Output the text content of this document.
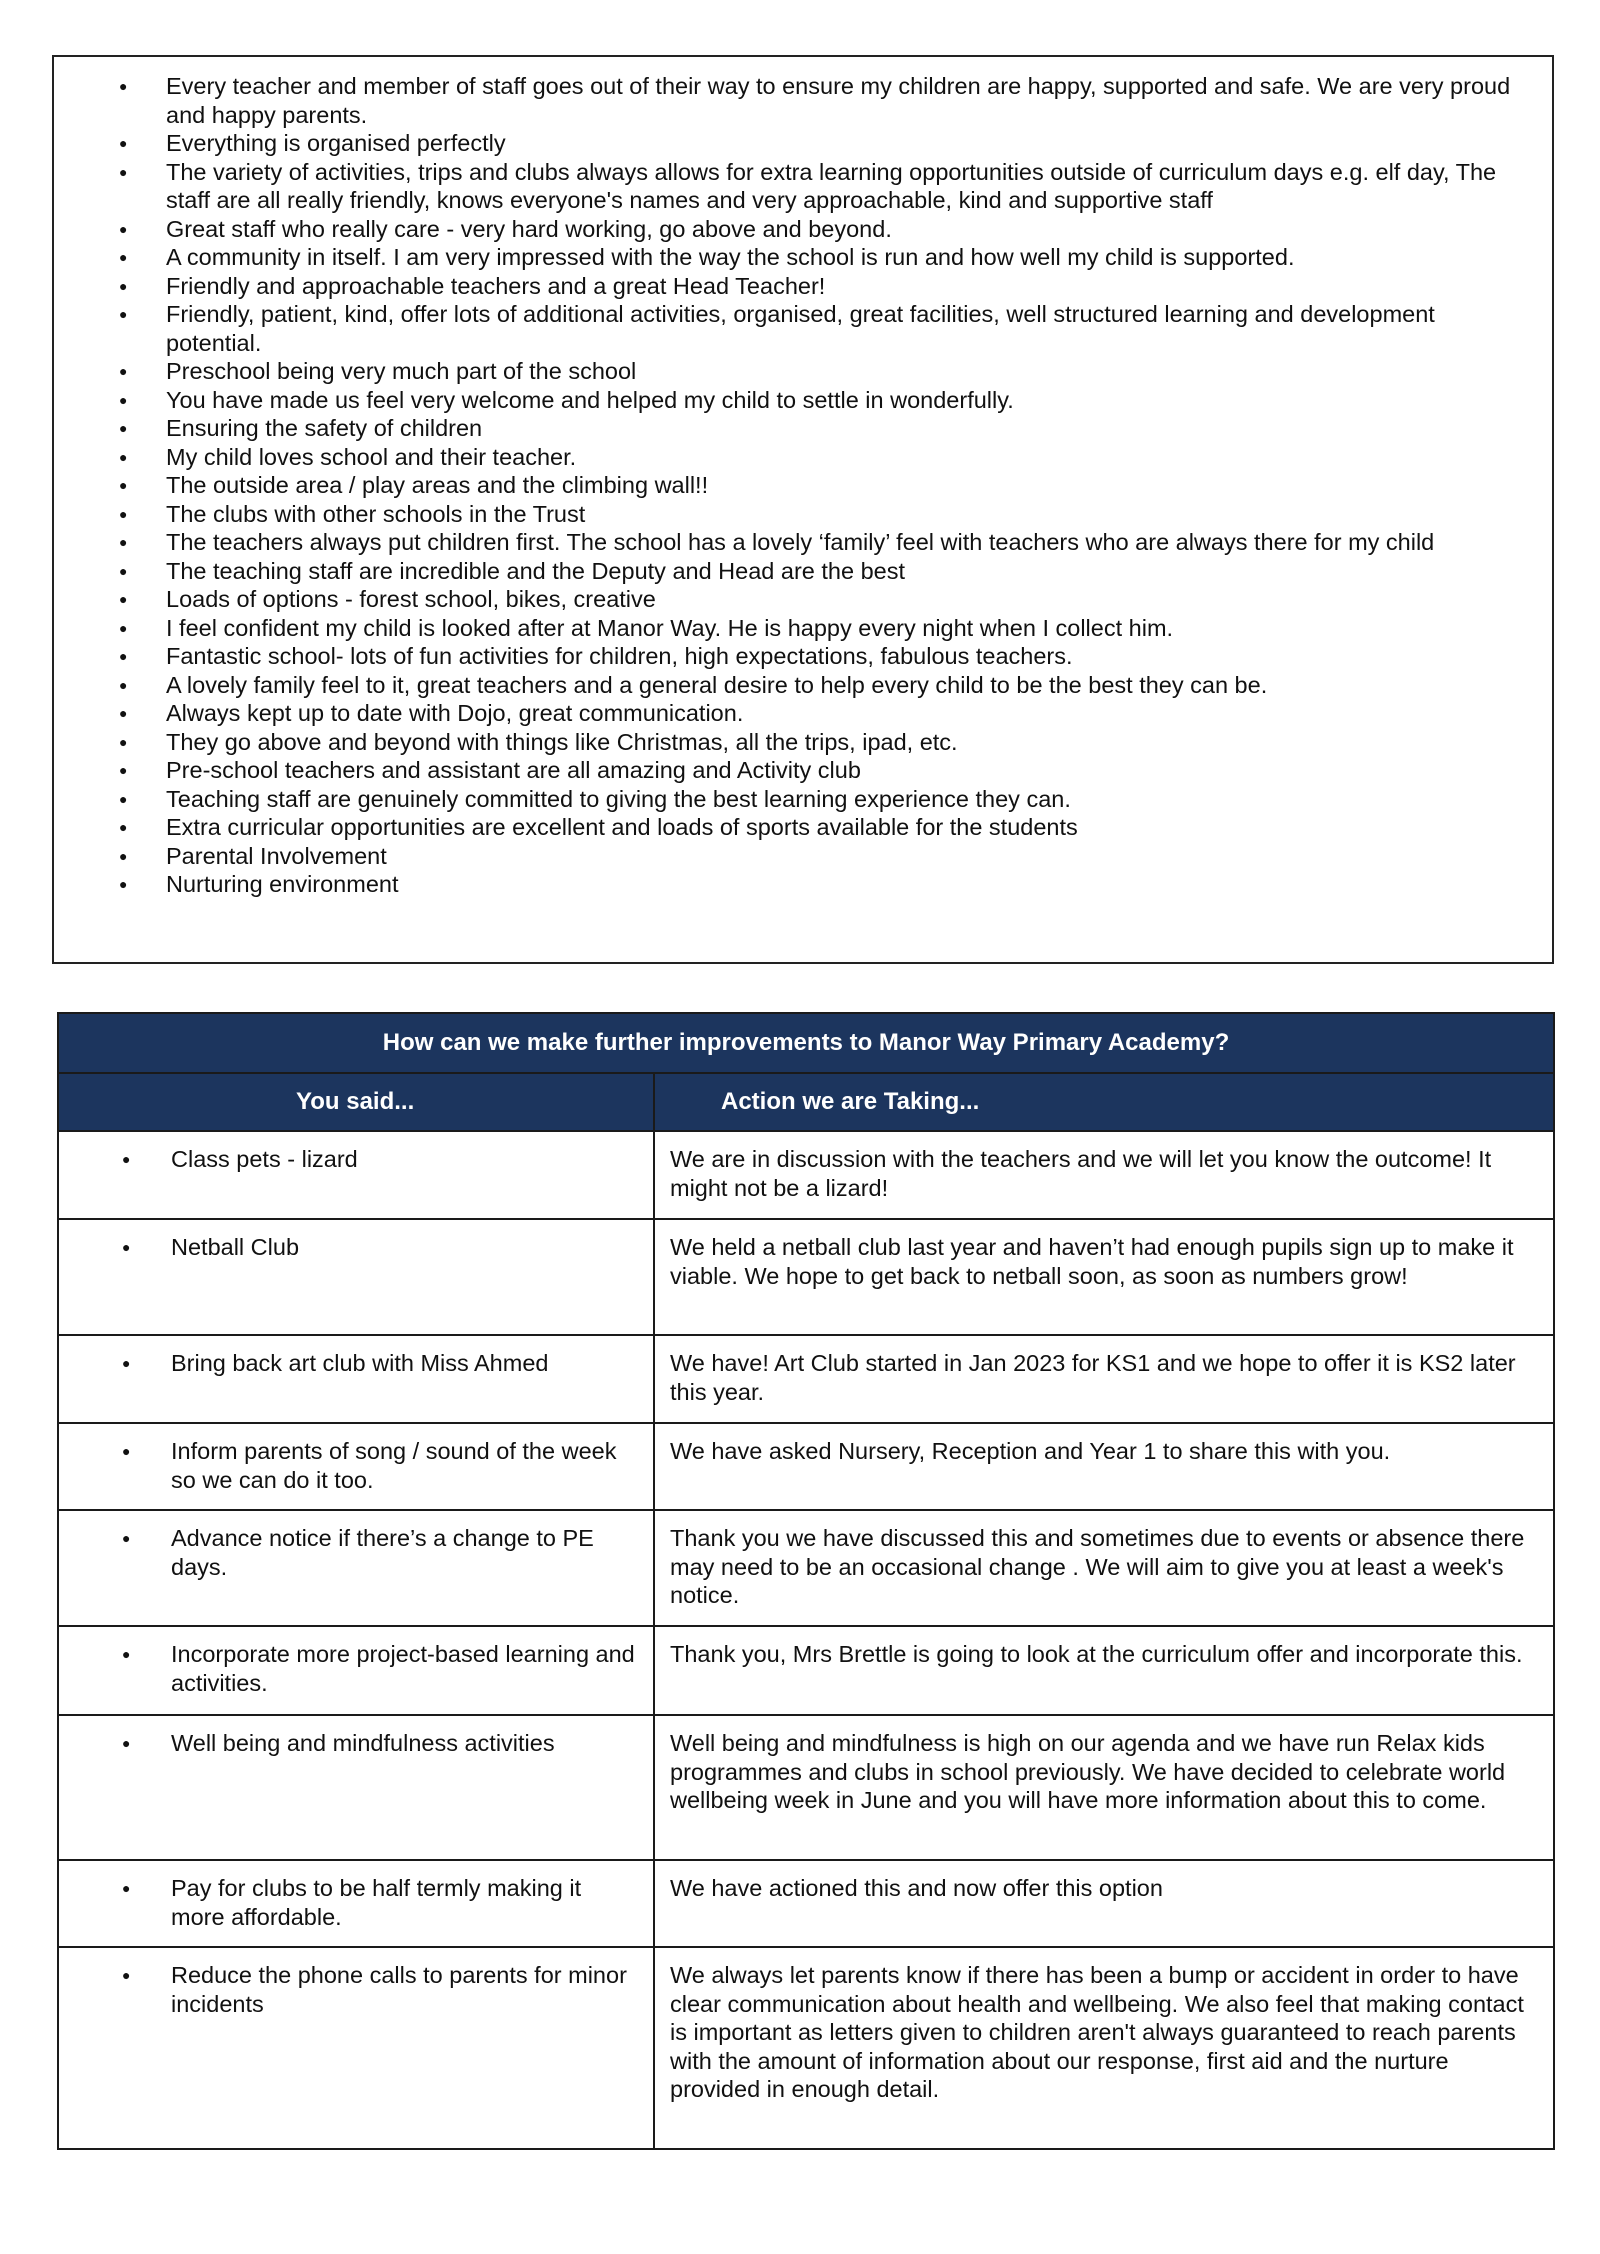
● Every teacher and member of staff goes out of their way to ensure my children are happy, supported and safe. We are very proud and happy parents.
● Everything is organised perfectly
● The variety of activities, trips and clubs always allows for extra learning opportunities outside of curriculum days e.g. elf day, The staff are all really friendly, knows everyone's names and very approachable, kind and supportive staff
● Great staff who really care - very hard working, go above and beyond.
● A community in itself. I am very impressed with the way the school is run and how well my child is supported.
● Friendly and approachable teachers and a great Head Teacher!
● Friendly, patient, kind, offer lots of additional activities, organised, great facilities, well structured learning and development potential.
● Preschool being very much part of the school
● You have made us feel very welcome and helped my child to settle in wonderfully.
● Ensuring the safety of children
● My child loves school and their teacher.
● The outside area / play areas and the climbing wall!!
● The clubs with other schools in the Trust
● The teachers always put children first. The school has a lovely ‘family’ feel with teachers who are always there for my child
● The teaching staff are incredible and the Deputy and Head are the best
● Loads of options - forest school, bikes, creative
● I feel confident my child is looked after at Manor Way. He is happy every night when I collect him.
● Fantastic school- lots of fun activities for children, high expectations, fabulous teachers.
● A lovely family feel to it, great teachers and a general desire to help every child to be the best they can be.
● Always kept up to date with Dojo, great communication.
● They go above and beyond with things like Christmas, all the trips, ipad, etc.
● Pre-school teachers and assistant are all amazing and Activity club
● Teaching staff are genuinely committed to giving the best learning experience they can.
● Extra curricular opportunities are excellent and loads of sports available for the students
● Parental Involvement
● Nurturing environment
How can we make further improvements to Manor Way Primary Academy?	
You said...	Action we are Taking...

● Class pets - lizard	We are in discussion with the teachers and we will let you know the outcome! It might not be a lizard!

● Netball Club	We held a netball club last year and haven’t had enough pupils sign up to make it viable. We hope to get back to netball soon, as soon as numbers grow!

● Bring back art club with Miss Ahmed	We have! Art Club started in Jan 2023 for KS1 and we hope to offer it is KS2 later this year.

● Inform parents of song / sound of the week so we can do it too.	We have asked Nursery, Reception and Year 1 to share this with you.

● Advance notice if there’s a change to PE days.	Thank you we have discussed this and sometimes due to events or absence there may need to be an occasional change . We will aim to give you at least a week's notice.

● Incorporate more project-based learning and activities.	Thank you, Mrs Brettle is going to look at the curriculum offer and incorporate this.

● Well being and mindfulness activities	Well being and mindfulness is high on our agenda and we have run Relax kids programmes and clubs in school previously. We have decided to celebrate world wellbeing week in June and you will have more information about this to come.

● Pay for clubs to be half termly making it more affordable.	We have actioned this and now offer this option

● Reduce the phone calls to parents for minor incidents	We always let parents know if there has been a bump or accident in order to have clear communication about health and wellbeing. We also feel that making contact is important as letters given to children aren't always guaranteed to reach parents with the amount of information about our response, first aid and the nurture provided in enough detail.
